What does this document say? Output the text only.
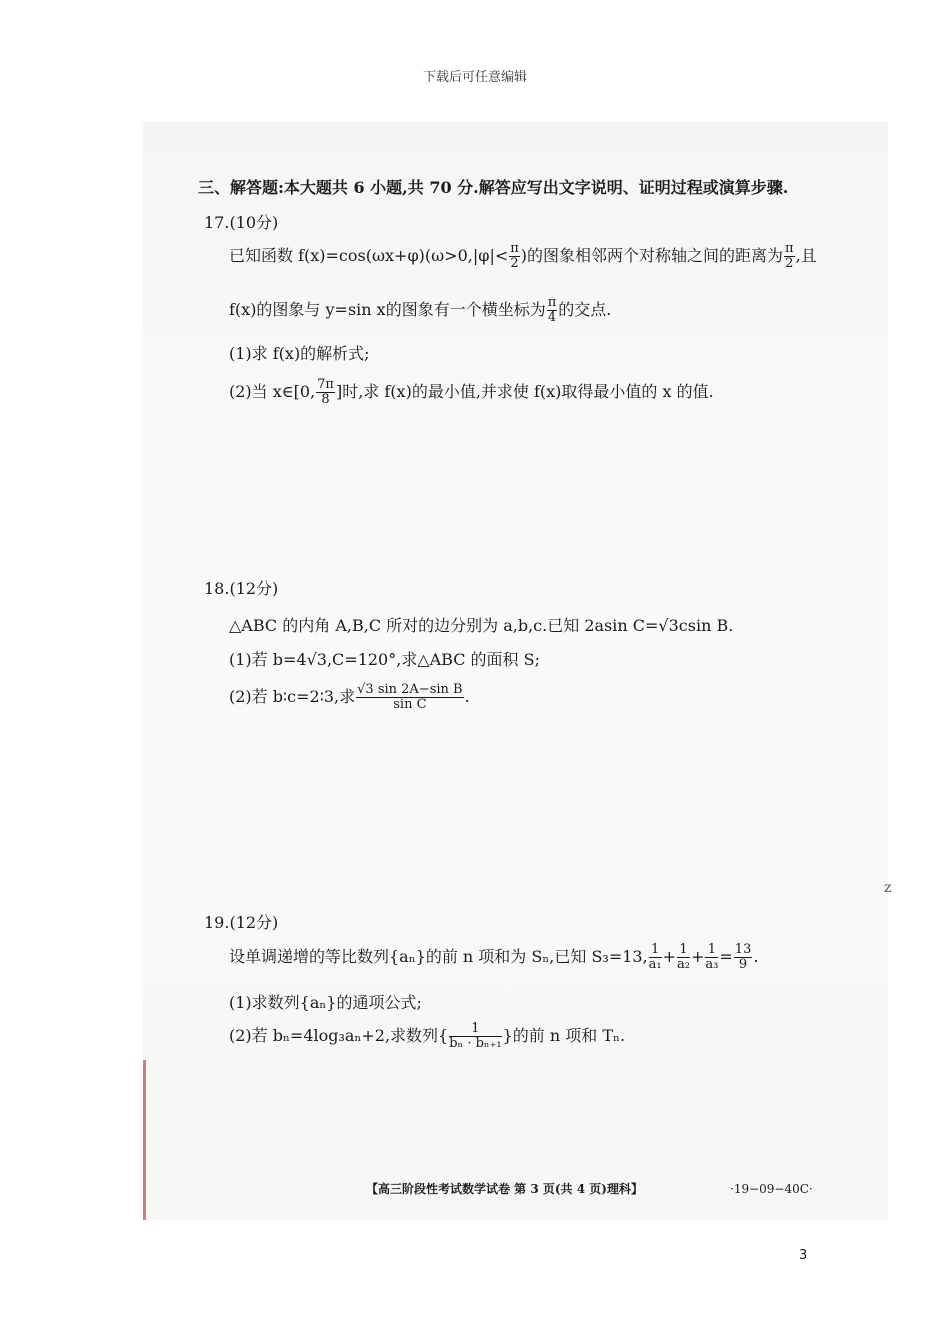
下载后可任意编辑
三、解答题:本大题共 6 小题,共 70 分.解答应写出文字说明、证明过程或演算步骤.
17.(10分)
已知函数 $f(x)=\cos(\omega x+\varphi)(\omega>0,|\varphi|< \frac{\pi}{2}$ )的图象相邻两个对称轴之间的距离为 $\frac{\pi}{2}$ ,且
f(x)的图象与 y=sin x的图象有一个横坐标为 $\frac{\pi}{4}$ 的交点.
(1)求 f(x)的解析式;
(2)当 x∈[0, $\frac{7\pi}{8}$ ]时,求 f(x)的最小值,并求使 f(x)取得最小值的 x 的值.
18.(12分)
△ABC 的内角 A,B,C 所对的边分别为 a,b,c.已知 2asin C=√3csin B.
(1)若 b=4√3,C=120°,求△ABC 的面积 S;
(2)若 b∶c=2∶3,求 $\frac{\text{√3 sin 2A−sin B}}{\text{sin C}}$ .
19.(12分)
设单调递增的等比数列{aₙ}的前 n 项和为 Sₙ,已知 S₃=13, $\frac{1}{\text{a₁}} + \frac{1}{\text{a₂}} + \frac{1}{\text{a₃}} = \frac{13}{9}$ .
(1)求数列{aₙ}的通项公式;
(2)若 bₙ=4log₃aₙ+2,求数列{ $\frac{1}{\text{bₙ · bₙ₊₁}}$ }的前 n 项和 Tₙ.
z
【高三阶段性考试数学试卷 第 3 页(共 4 页)理科】	·19−09−40C·
3
